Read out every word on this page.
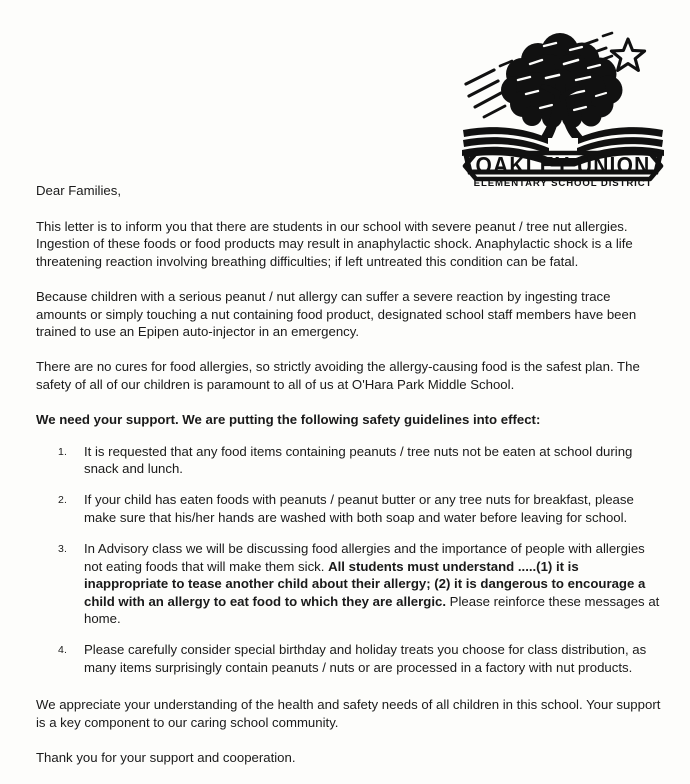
OAKLEY UNION
ELEMENTARY SCHOOL DISTRICT

Dear Families,

This letter is to inform you that there are students in our school with severe peanut / tree nut allergies. Ingestion of these foods or food products may result in anaphylactic shock. Anaphylactic shock is a life threatening reaction involving breathing difficulties; if left untreated this condition can be fatal.

Because children with a serious peanut / nut allergy can suffer a severe reaction by ingesting trace amounts or simply touching a nut containing food product, designated school staff members have been trained to use an Epipen auto-injector in an emergency.

There are no cures for food allergies, so strictly avoiding the allergy-causing food is the safest plan. The safety of all of our children is paramount to all of us at O'Hara Park Middle School.

We need your support. We are putting the following safety guidelines into effect:

1. It is requested that any food items containing peanuts / tree nuts not be eaten at school during snack and lunch.
2. If your child has eaten foods with peanuts / peanut butter or any tree nuts for breakfast, please make sure that his/her hands are washed with both soap and water before leaving for school.
3. In Advisory class we will be discussing food allergies and the importance of people with allergies not eating foods that will make them sick. All students must understand .....(1) it is inappropriate to tease another child about their allergy; (2) it is dangerous to encourage a child with an allergy to eat food to which they are allergic. Please reinforce these messages at home.
4. Please carefully consider special birthday and holiday treats you choose for class distribution, as many items surprisingly contain peanuts / nuts or are processed in a factory with nut products.

We appreciate your understanding of the health and safety needs of all children in this school. Your support is a key component to our caring school community.

Thank you for your support and cooperation.
